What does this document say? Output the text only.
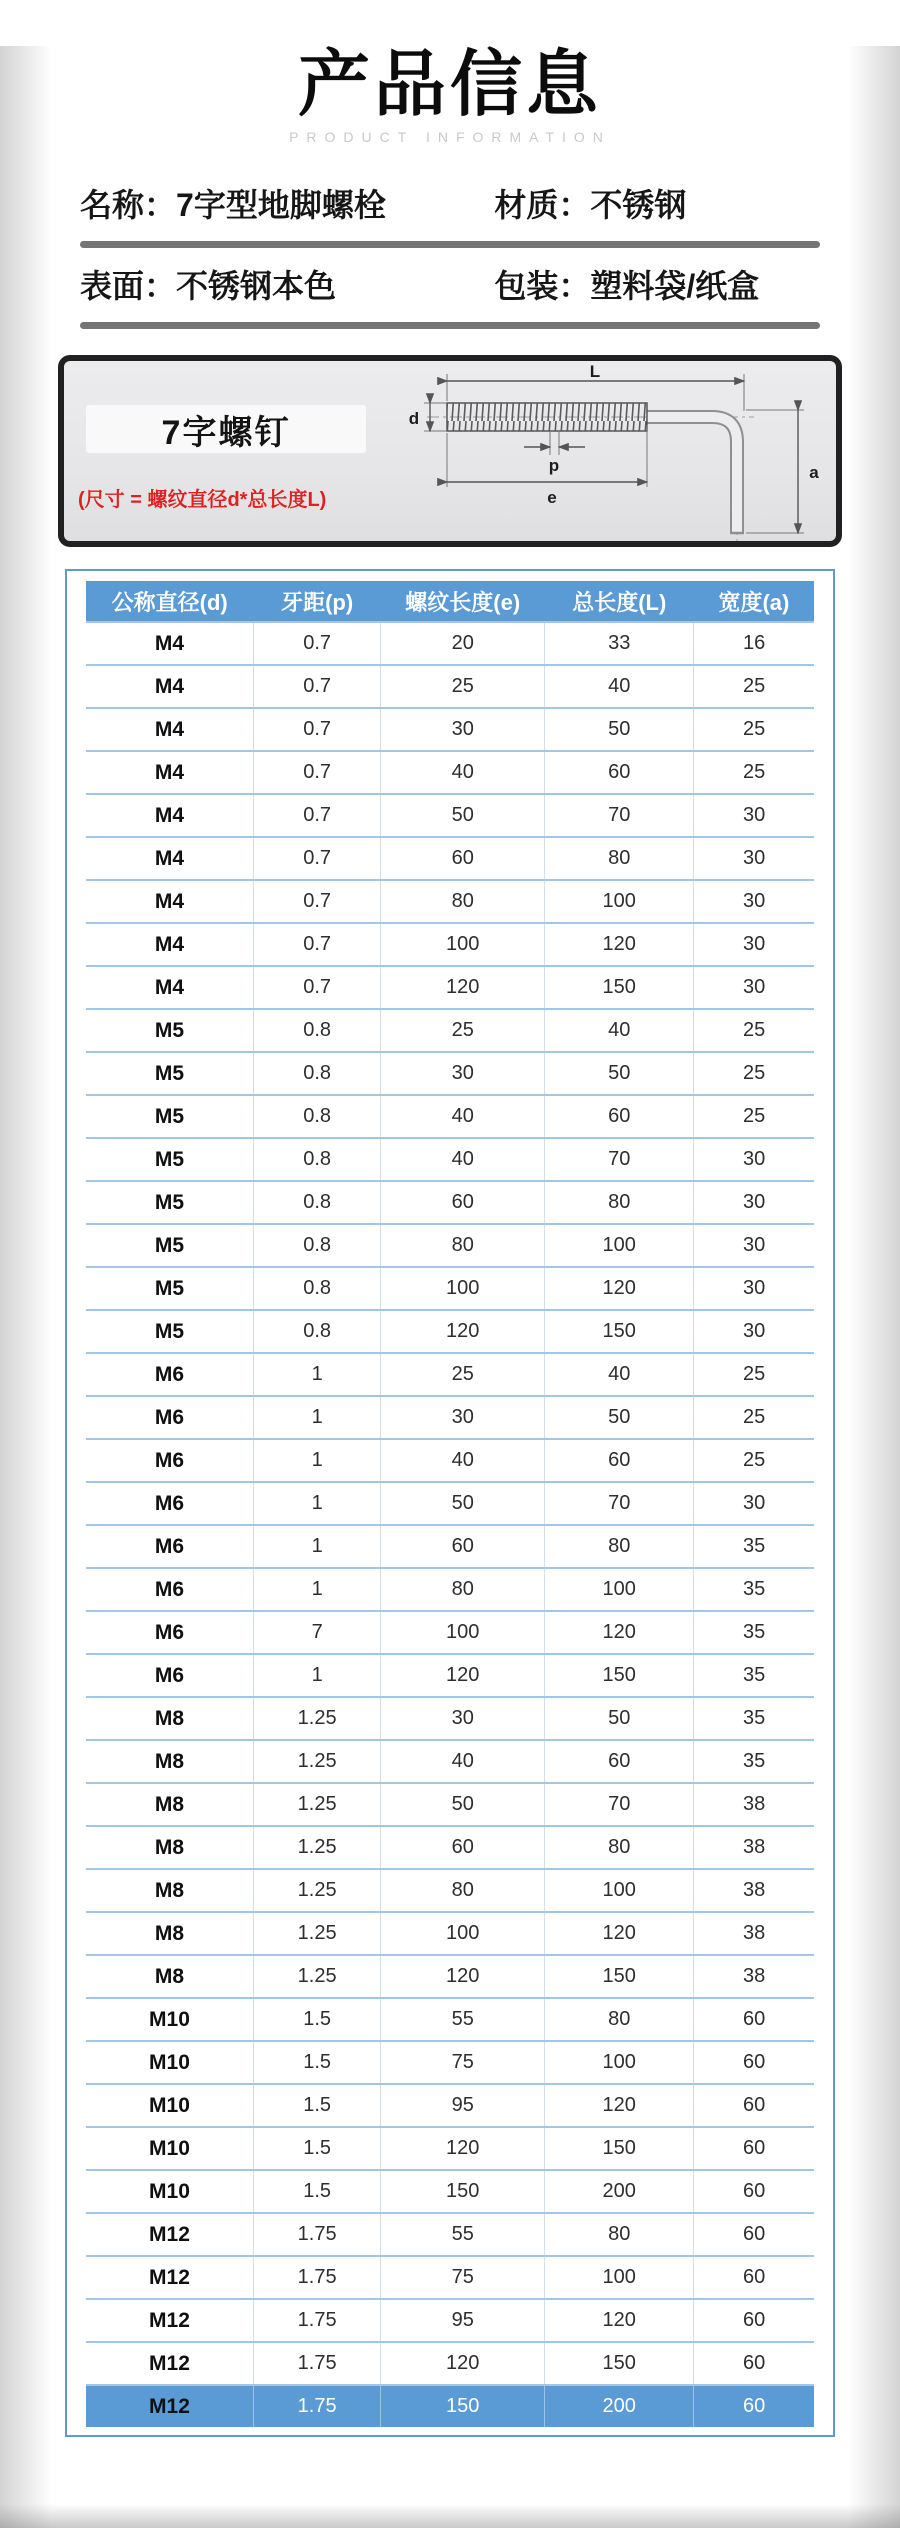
产品信息
PRODUCT INFORMATION
名称：7字型地脚螺栓	材质：不锈钢
表面：不锈钢本色	包装：塑料袋/纸盒
7字螺钉
(尺寸 = 螺纹直径d*总长度L)
L
d
p
e
a
公称直径(d)	牙距(p)	螺纹长度(e)	总长度(L)	宽度(a)
M4	0.7	20	33	16
M4	0.7	25	40	25
M4	0.7	30	50	25
M4	0.7	40	60	25
M4	0.7	50	70	30
M4	0.7	60	80	30
M4	0.7	80	100	30
M4	0.7	100	120	30
M4	0.7	120	150	30
M5	0.8	25	40	25
M5	0.8	30	50	25
M5	0.8	40	60	25
M5	0.8	40	70	30
M5	0.8	60	80	30
M5	0.8	80	100	30
M5	0.8	100	120	30
M5	0.8	120	150	30
M6	1	25	40	25
M6	1	30	50	25
M6	1	40	60	25
M6	1	50	70	30
M6	1	60	80	35
M6	1	80	100	35
M6	7	100	120	35
M6	1	120	150	35
M8	1.25	30	50	35
M8	1.25	40	60	35
M8	1.25	50	70	38
M8	1.25	60	80	38
M8	1.25	80	100	38
M8	1.25	100	120	38
M8	1.25	120	150	38
M10	1.5	55	80	60
M10	1.5	75	100	60
M10	1.5	95	120	60
M10	1.5	120	150	60
M10	1.5	150	200	60
M12	1.75	55	80	60
M12	1.75	75	100	60
M12	1.75	95	120	60
M12	1.75	120	150	60
M12	1.75	150	200	60
